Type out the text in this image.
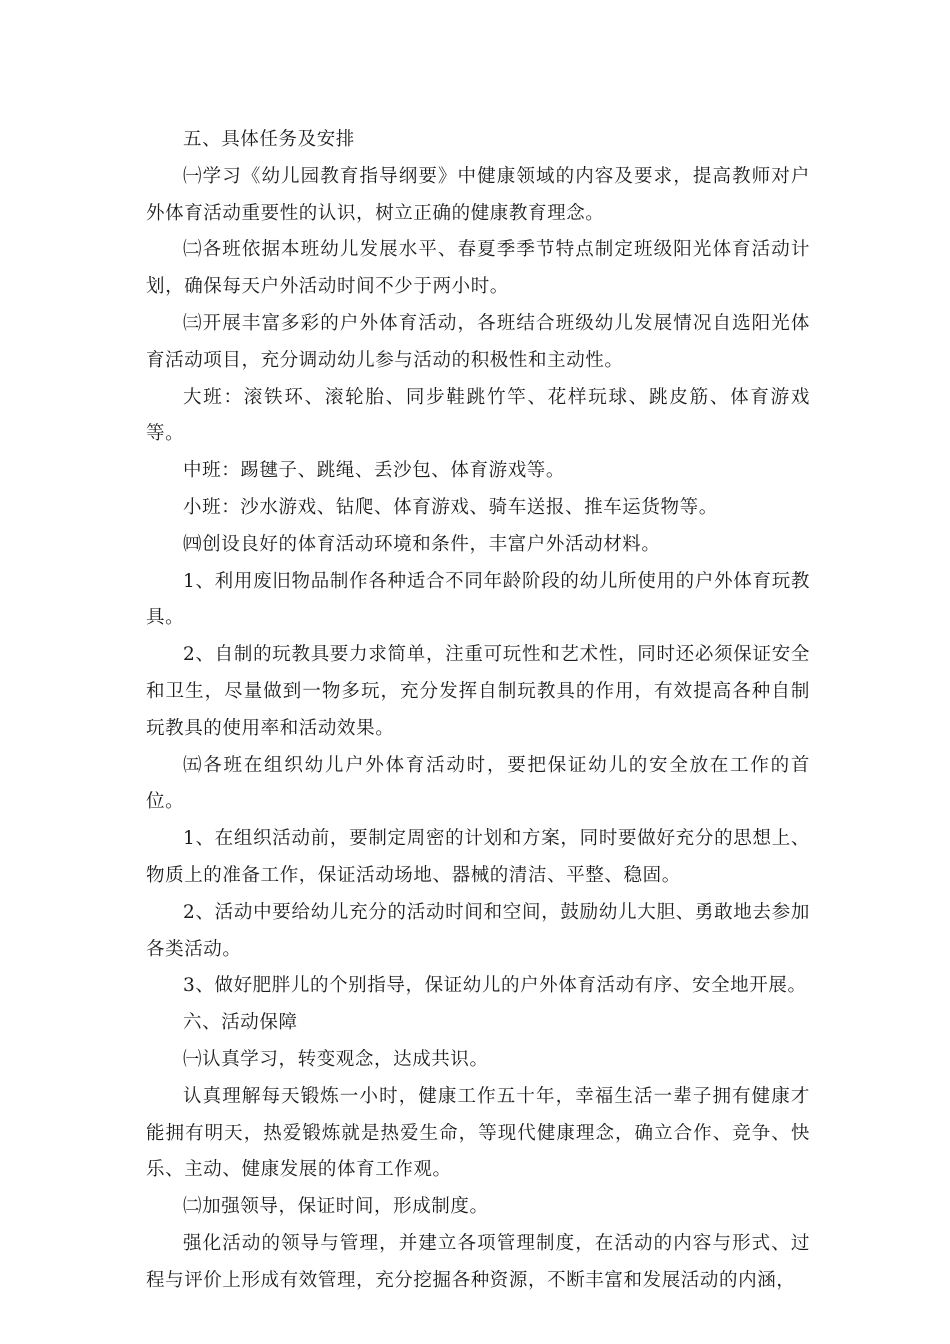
五、具体任务及安排

㈠学习《幼儿园教育指导纲要》中健康领域的内容及要求，提高教师对户外体育活动重要性的认识，树立正确的健康教育理念。

㈡各班依据本班幼儿发展水平、春夏季季节特点制定班级阳光体育活动计划，确保每天户外活动时间不少于两小时。

㈢开展丰富多彩的户外体育活动，各班结合班级幼儿发展情况自选阳光体育活动项目，充分调动幼儿参与活动的积极性和主动性。

大班：滚铁环、滚轮胎、同步鞋跳竹竿、花样玩球、跳皮筋、体育游戏等。

中班：踢毽子、跳绳、丢沙包、体育游戏等。

小班：沙水游戏、钻爬、体育游戏、骑车送报、推车运货物等。

㈣创设良好的体育活动环境和条件，丰富户外活动材料。

1、利用废旧物品制作各种适合不同年龄阶段的幼儿所使用的户外体育玩教具。

2、自制的玩教具要力求简单，注重可玩性和艺术性，同时还必须保证安全和卫生，尽量做到一物多玩，充分发挥自制玩教具的作用，有效提高各种自制玩教具的使用率和活动效果。

㈤各班在组织幼儿户外体育活动时，要把保证幼儿的安全放在工作的首位。

1、在组织活动前，要制定周密的计划和方案，同时要做好充分的思想上、物质上的准备工作，保证活动场地、器械的清洁、平整、稳固。

2、活动中要给幼儿充分的活动时间和空间，鼓励幼儿大胆、勇敢地去参加各类活动。

3、做好肥胖儿的个别指导，保证幼儿的户外体育活动有序、安全地开展。

六、活动保障

㈠认真学习，转变观念，达成共识。

认真理解每天锻炼一小时，健康工作五十年，幸福生活一辈子拥有健康才能拥有明天，热爱锻炼就是热爱生命，等现代健康理念，确立合作、竞争、快乐、主动、健康发展的体育工作观。

㈡加强领导，保证时间，形成制度。

强化活动的领导与管理，并建立各项管理制度，在活动的内容与形式、过程与评价上形成有效管理，充分挖掘各种资源，不断丰富和发展活动的内涵，
